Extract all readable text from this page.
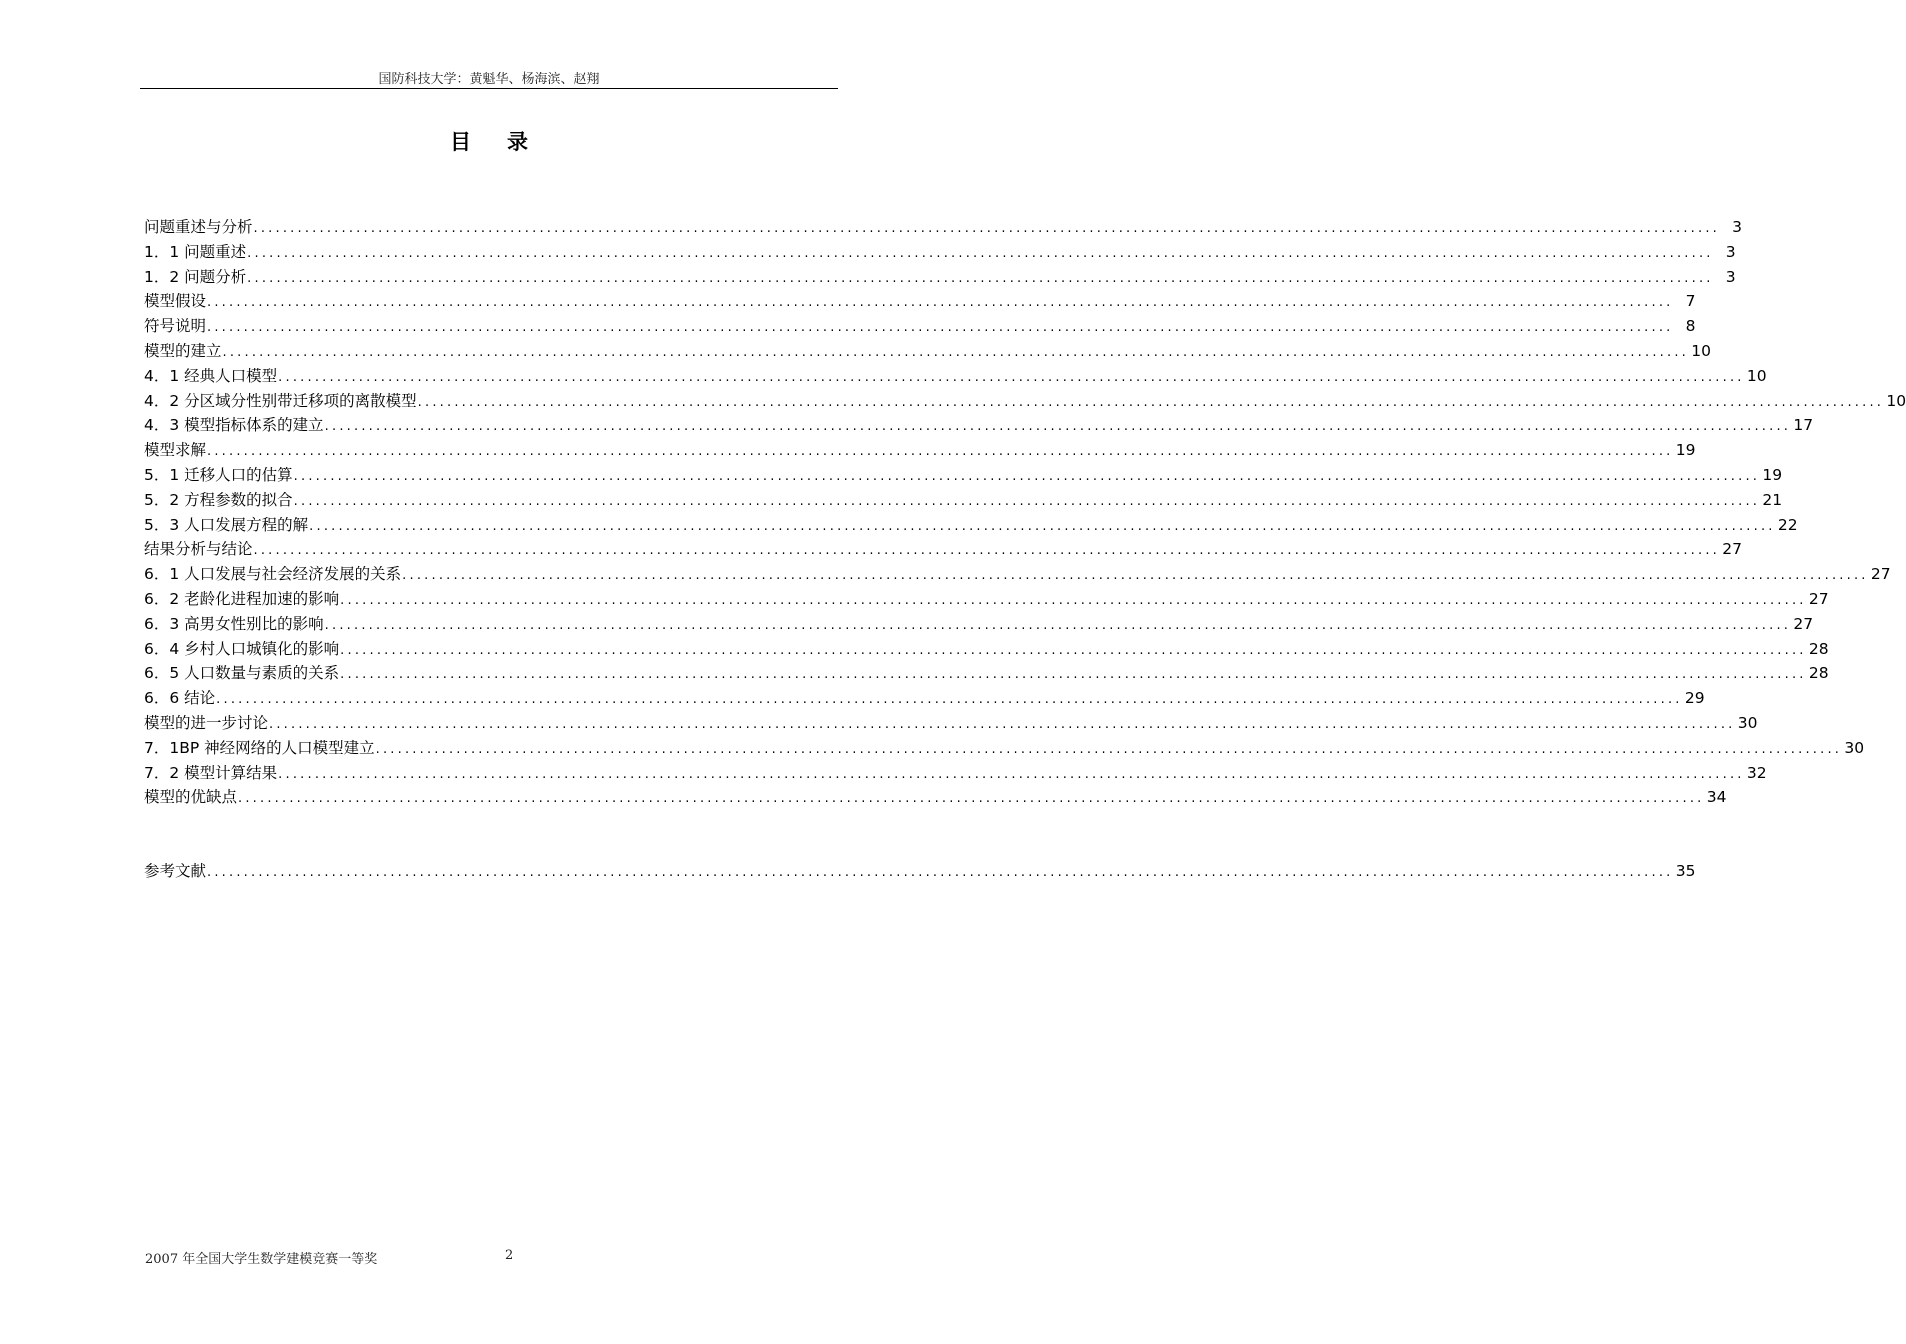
国防科技大学：黄魁华、杨海滨、赵翔
目录
问题重述与分析 ........................................................................................................................................................................................................ 3
1．1 问题重述 ........................................................................................................................................................................................................ 3
1．2 问题分析 ........................................................................................................................................................................................................ 3
模型假设 ........................................................................................................................................................................................................ 7
符号说明 ........................................................................................................................................................................................................ 8
模型的建立 ........................................................................................................................................................................................................ 10
4．1 经典人口模型 ........................................................................................................................................................................................................ 10
4．2 分区域分性别带迁移项的离散模型 ........................................................................................................................................................................................................ 10
4．3 模型指标体系的建立 ........................................................................................................................................................................................................ 17
模型求解 ........................................................................................................................................................................................................ 19
5．1 迁移人口的估算 ........................................................................................................................................................................................................ 19
5．2 方程参数的拟合 ........................................................................................................................................................................................................ 21
5．3 人口发展方程的解 ........................................................................................................................................................................................................ 22
结果分析与结论 ........................................................................................................................................................................................................ 27
6．1 人口发展与社会经济发展的关系 ........................................................................................................................................................................................................ 27
6．2 老龄化进程加速的影响 ........................................................................................................................................................................................................ 27
6．3 高男女性别比的影响 ........................................................................................................................................................................................................ 27
6．4 乡村人口城镇化的影响 ........................................................................................................................................................................................................ 28
6．5 人口数量与素质的关系 ........................................................................................................................................................................................................ 28
6．6 结论 ........................................................................................................................................................................................................ 29
模型的进一步讨论 ........................................................................................................................................................................................................ 30
7．1BP 神经网络的人口模型建立 ........................................................................................................................................................................................................ 30
7．2 模型计算结果 ........................................................................................................................................................................................................ 32
模型的优缺点 ........................................................................................................................................................................................................ 34
参考文献 ........................................................................................................................................................................................................ 35
2007 年全国大学生数学建模竞赛一等奖	2
